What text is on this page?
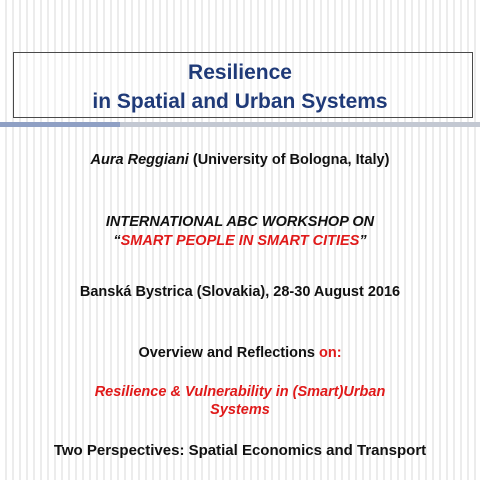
Resilience
in Spatial and Urban Systems
Aura Reggiani (University of Bologna, Italy)
INTERNATIONAL ABC WORKSHOP ON
“SMART PEOPLE IN SMART CITIES”
Banská Bystrica (Slovakia), 28-30 August 2016
Overview and Reflections on:
Resilience & Vulnerability in (Smart)Urban
Systems
Two Perspectives: Spatial Economics and Transport
